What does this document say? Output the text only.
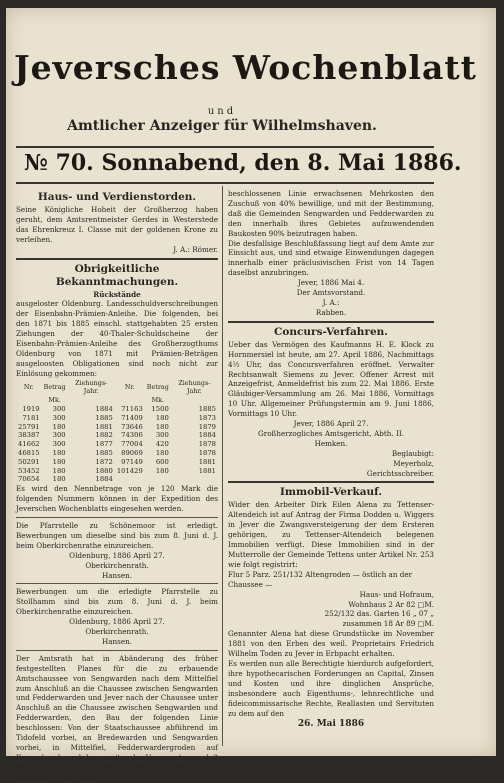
Jeversches Wochenblatt
und
Amtlicher Anzeiger für Wilhelmshaven.
№ 70. Sonnabend, den 8. Mai 1886.
Haus- und Verdienstorden.

Seine Königliche Hoheit der Großherzog haben geruht, dem Amtsrentmeister Gerdes in Westerstede das Ehrenkreuz I. Classe mit der goldenen Krone zu verleihen.

J. A.: Römer.
Obrigkeitliche Bekanntmachungen.
Rückstände

ausgeloster Oldenburg. Landesschuldverschreibungen der Eisenbahn-Prämien-Anleihe. Die folgenden, bei den 1871 bis 1885 einschl. stattgehabten 25 ersten Ziehungen der 40-Thaler-Schuldscheine der Eisenbahn-Prämien-Anleihe des Großherzogthums Oldenburg von 1871 mit Prämien-Beträgen ausgeloosten Obligationen sind noch nicht zur Einlösung gekommen:

Nr.	Betrag	Ziehungs-Jahr.	Nr.	Betrag	Ziehungs-Jahr.
	Mk.			Mk.	
1919	300	1884	71163	1500	1885
7181	300	1885	71409	180	1873
25791	180	1881	73646	180	1879
38387	300	1882	74306	300	1884
41662	300	1877	77004	420	1878
46815	180	1885	89069	180	1878
50291	180	1872	97149	600	1881
53452	180	1880	101429	180	1881
70654	180	1884			

Es wird den Nennbetrage von je 120 Mark die folgenden Nummern können in der Expedition des Jeverschen Wochenblatts eingesehen werden.

Die Pfarrstelle zu Schönemoor ist erledigt. Bewerbungen um dieselbe sind bis zum 8. Juni d. J. beim Oberkirchenrathe einzureichen.

Oldenburg, 1886 April 27.
Oberkirchenrath.
Hansen.

Bewerbungen um die erledigte Pfarrstelle zu Stollhamm sind bis zum 8. Juni d. J. beim Oberkirchenrathe einzureichen.

Oldenburg, 1886 April 27.
Oberkirchenrath.
Hansen.

Der Amtsrath hat in Abänderung des früher festgestellten Planes für die zu erbauende Amtschaussee von Sengwarden nach dem Mittelfiel zum Anschluß an die Chaussee zwischen Sengwarden und Fedderwarden und Jever nach der Chaussee unter Anschluß an die Chaussee zwischen Sengwarden und Fedderwarden, den Bau der folgenden Linie beschlossen: Von der Staatschaussee abführend im Tidofeld vorbei, an Bredewarden und Sengwarden vorbei, in Mittelfiel, Fedderwardergroden auf Kreuzelwerk, und dann weiter der Voraussetzung, daß der Staat auch zu dieser neuen Linie den Bau in Vergleich zu der früher

beschlossenen Linie erwachsenen Mehrkosten den Zuschuß von 40% bewillige, und mit der Bestimmung, daß die Gemeinden Sengwarden und Fedderwarden zu den innerhalb ihres Gebietes aufzuwendenden Baukosten 90% beizutragen haben.

Die desfallsige Beschlußfassung liegt auf dem Amte zur Einsicht aus, und sind etwaige Einwendungen dagegen innerhalb einer präclusivischen Frist von 14 Tagen daselbst anzubringen.

Jever, 1886 Mai 4.
Der Amtsvorstand.
J. A.:
Rabben.
Concurs-Verfahren.

Ueber das Vermögen des Kaufmanns H. E. Klock zu Hornmersiel ist heute, am 27. April 1886, Nachmittags 4½ Uhr, das Concursverfahren eröffnet. Verwalter Rechtsanwalt Siemens zu Jever. Offener Arrest mit Anzeigefrist, Anmeldefrist bis zum 22. Mai 1886. Erste Gläubiger-Versammlung am 26. Mai 1886, Vormittags 10 Uhr. Allgemeiner Prüfungstermin am 9. Juni 1886, Vormittags 10 Uhr.

Jever, 1886 April 27.
Großherzogliches Amtsgericht, Abth. II.
Hemken.
Beglaubigt:
Meyerholz,
Gerichtsschreiber.
Immobil-Verkauf.

Wider den Arbeiter Dirk Eilen Alena zu Tettenser-Altendeich ist auf Antrag der Firma Dodden u. Wiggers in Jever die Zwangsversteigerung der dem Ersteren gehörigen, zu Tettenser-Altendeich belegenen Immobilien verfügt. Diese Immobilien sind in der Mutterrolle der Gemeinde Tettens unter Artikel Nr. 253 wie folgt registrirt:

Flur 5 Parz. 251/132 Altengroden — östlich an der Chaussee —
Haus- und Hofraum,
Wohnhaus 2 Ar 82 □M.
252/132 das. Garten 16 „ 07 „
zusammen 18 Ar 89 □M.

Genannter Alena hat diese Grundstücke im November 1881 von den Erben des weil. Proprietairs Friedrich Wilhelm Toden zu Jever in Erbpacht erhalten.

Es werden nun alle Berechtigte hierdurch aufgefordert, ihre hypothecarischen Forderungen an Capital, Zinsen und Kosten und ihre dinglichen Ansprüche, insbesondere auch Eigenthums-, lehnrechtliche und fideicommissarische Rechte, Reallasten und Servituten zu dem auf den

26. Mai 1886
